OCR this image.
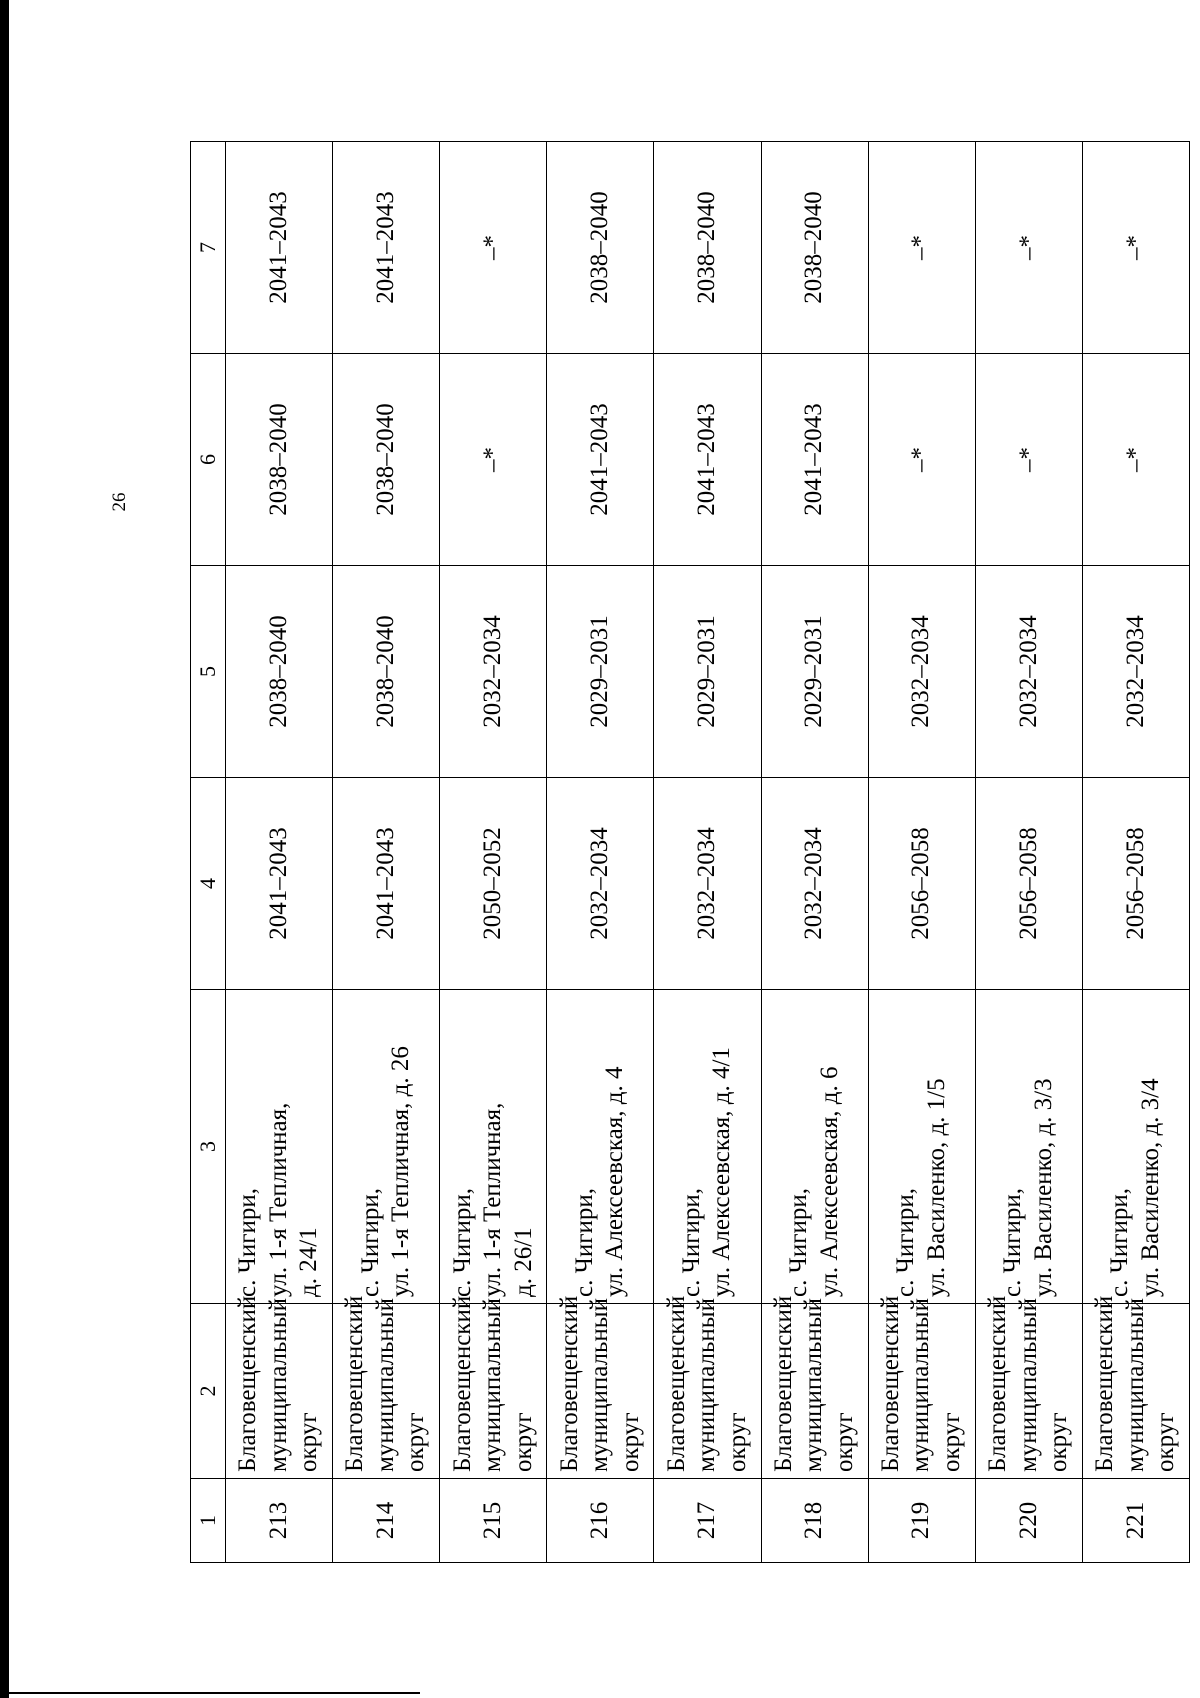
26
1	2	3	4	5	6	7
213	Благовещенский
муниципальный
округ	с. Чигири,
ул. 1-я Тепличная,
д. 24/1	2041–2043	2038–2040	2038–2040	2041–2043
214	Благовещенский
муниципальный
округ	с. Чигири,
ул. 1-я Тепличная, д. 26	2041–2043	2038–2040	2038–2040	2041–2043
215	Благовещенский
муниципальный
округ	с. Чигири,
ул. 1-я Тепличная,
д. 26/1	2050–2052	2032–2034	–*	–*
216	Благовещенский
муниципальный
округ	с. Чигири,
ул. Алексеевская, д. 4	2032–2034	2029–2031	2041–2043	2038–2040
217	Благовещенский
муниципальный
округ	с. Чигири,
ул. Алексеевская, д. 4/1	2032–2034	2029–2031	2041–2043	2038–2040
218	Благовещенский
муниципальный
округ	с. Чигири,
ул. Алексеевская, д. 6	2032–2034	2029–2031	2041–2043	2038–2040
219	Благовещенский
муниципальный
округ	с. Чигири,
ул. Василенко, д. 1/5	2056–2058	2032–2034	–*	–*
220	Благовещенский
муниципальный
округ	с. Чигири,
ул. Василенко, д. 3/3	2056–2058	2032–2034	–*	–*
221	Благовещенский
муниципальный
округ	с. Чигири,
ул. Василенко, д. 3/4	2056–2058	2032–2034	–*	–*
